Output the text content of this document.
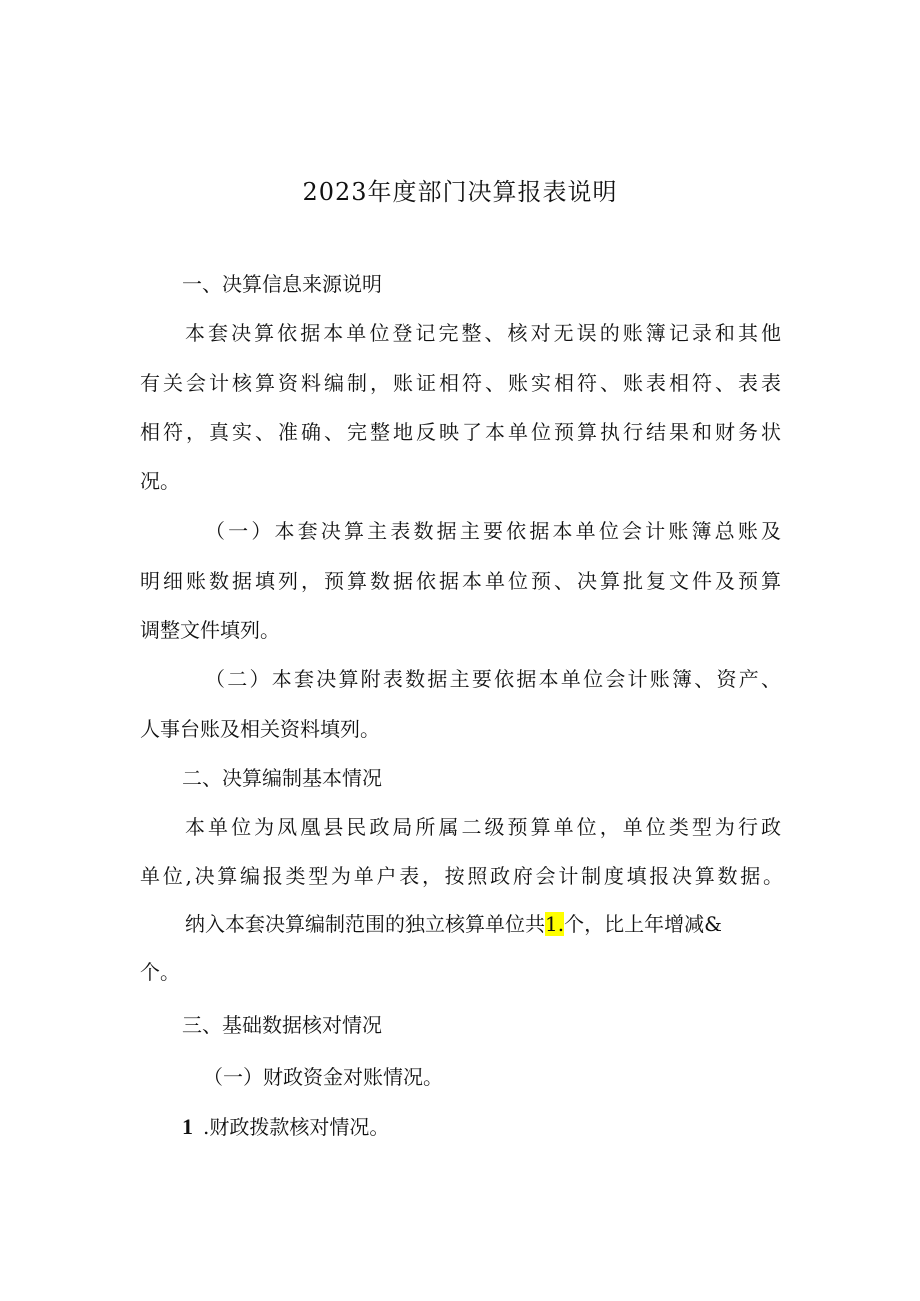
2023年度部门决算报表说明
一、决算信息来源说明
本套决算依据本单位登记完整、核对无误的账簿记录和其他
有关会计核算资料编制，账证相符、账实相符、账表相符、表表
相符，真实、准确、完整地反映了本单位预算执行结果和财务状
况。
（一）本套决算主表数据主要依据本单位会计账簿总账及
明细账数据填列，预算数据依据本单位预、决算批复文件及预算
调整文件填列。
（二）本套决算附表数据主要依据本单位会计账簿、资产、
人事台账及相关资料填列。
二、决算编制基本情况
本单位为凤凰县民政局所属二级预算单位，单位类型为行政
单位,决算编报类型为单户表，按照政府会计制度填报决算数据。
纳入本套决算编制范围的独立核算单位共1.个，比上年增减&
个。
三、基础数据核对情况
（一）财政资金对账情况。
1 .财政拨款核对情况。
